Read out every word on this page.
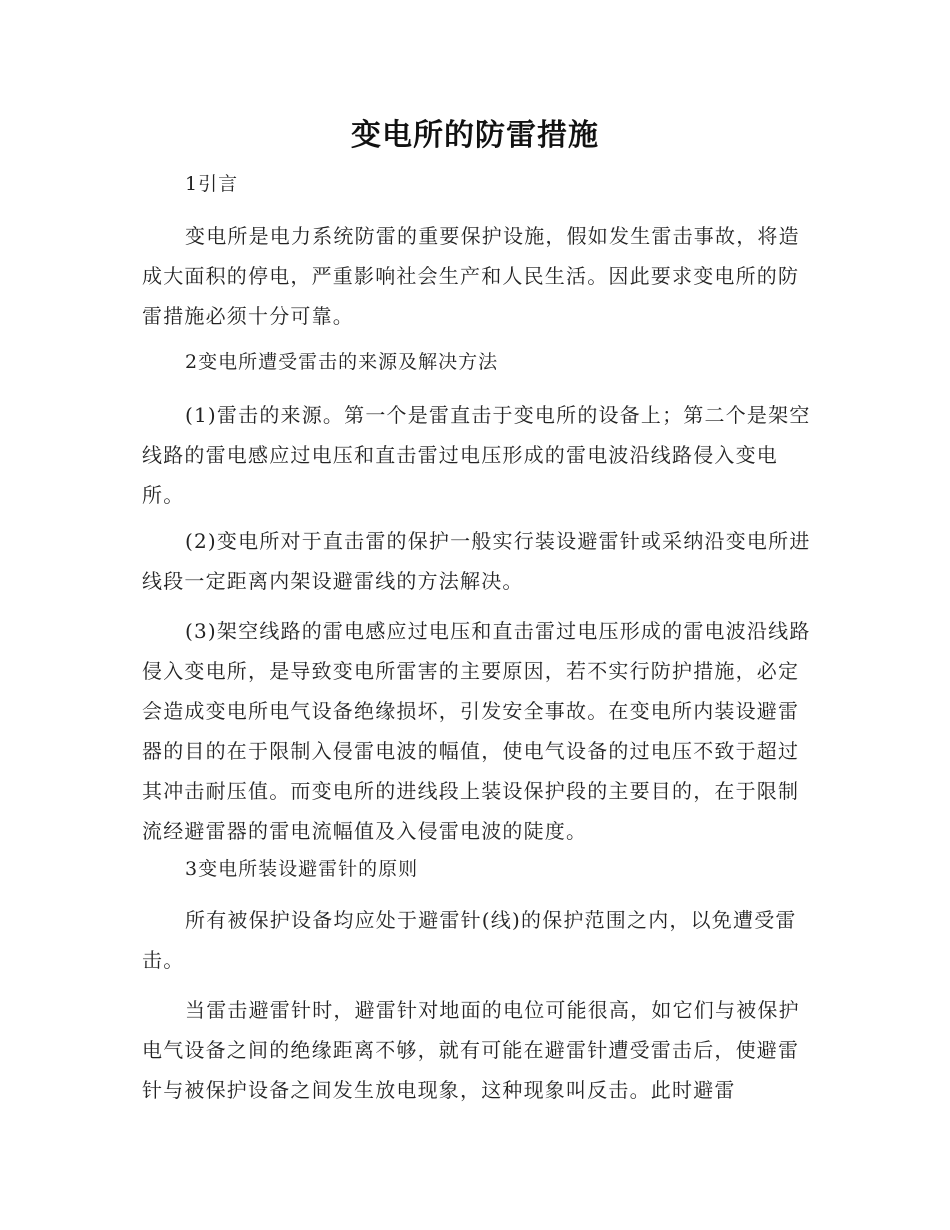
变电所的防雷措施

1引言

变电所是电力系统防雷的重要保护设施，假如发生雷击事故，将造成大面积的停电，严重影响社会生产和人民生活。因此要求变电所的防雷措施必须十分可靠。

2变电所遭受雷击的来源及解决方法

(1)雷击的来源。第一个是雷直击于变电所的设备上；第二个是架空线路的雷电感应过电压和直击雷过电压形成的雷电波沿线路侵入变电所。

(2)变电所对于直击雷的保护一般实行装设避雷针或采纳沿变电所进线段一定距离内架设避雷线的方法解决。

(3)架空线路的雷电感应过电压和直击雷过电压形成的雷电波沿线路侵入变电所，是导致变电所雷害的主要原因，若不实行防护措施，必定会造成变电所电气设备绝缘损坏，引发安全事故。在变电所内装设避雷器的目的在于限制入侵雷电波的幅值，使电气设备的过电压不致于超过其冲击耐压值。而变电所的进线段上装设保护段的主要目的，在于限制流经避雷器的雷电流幅值及入侵雷电波的陡度。

3变电所装设避雷针的原则

所有被保护设备均应处于避雷针(线)的保护范围之内，以免遭受雷击。

当雷击避雷针时，避雷针对地面的电位可能很高，如它们与被保护电气设备之间的绝缘距离不够，就有可能在避雷针遭受雷击后，使避雷针与被保护设备之间发生放电现象，这种现象叫反击。此时避雷
